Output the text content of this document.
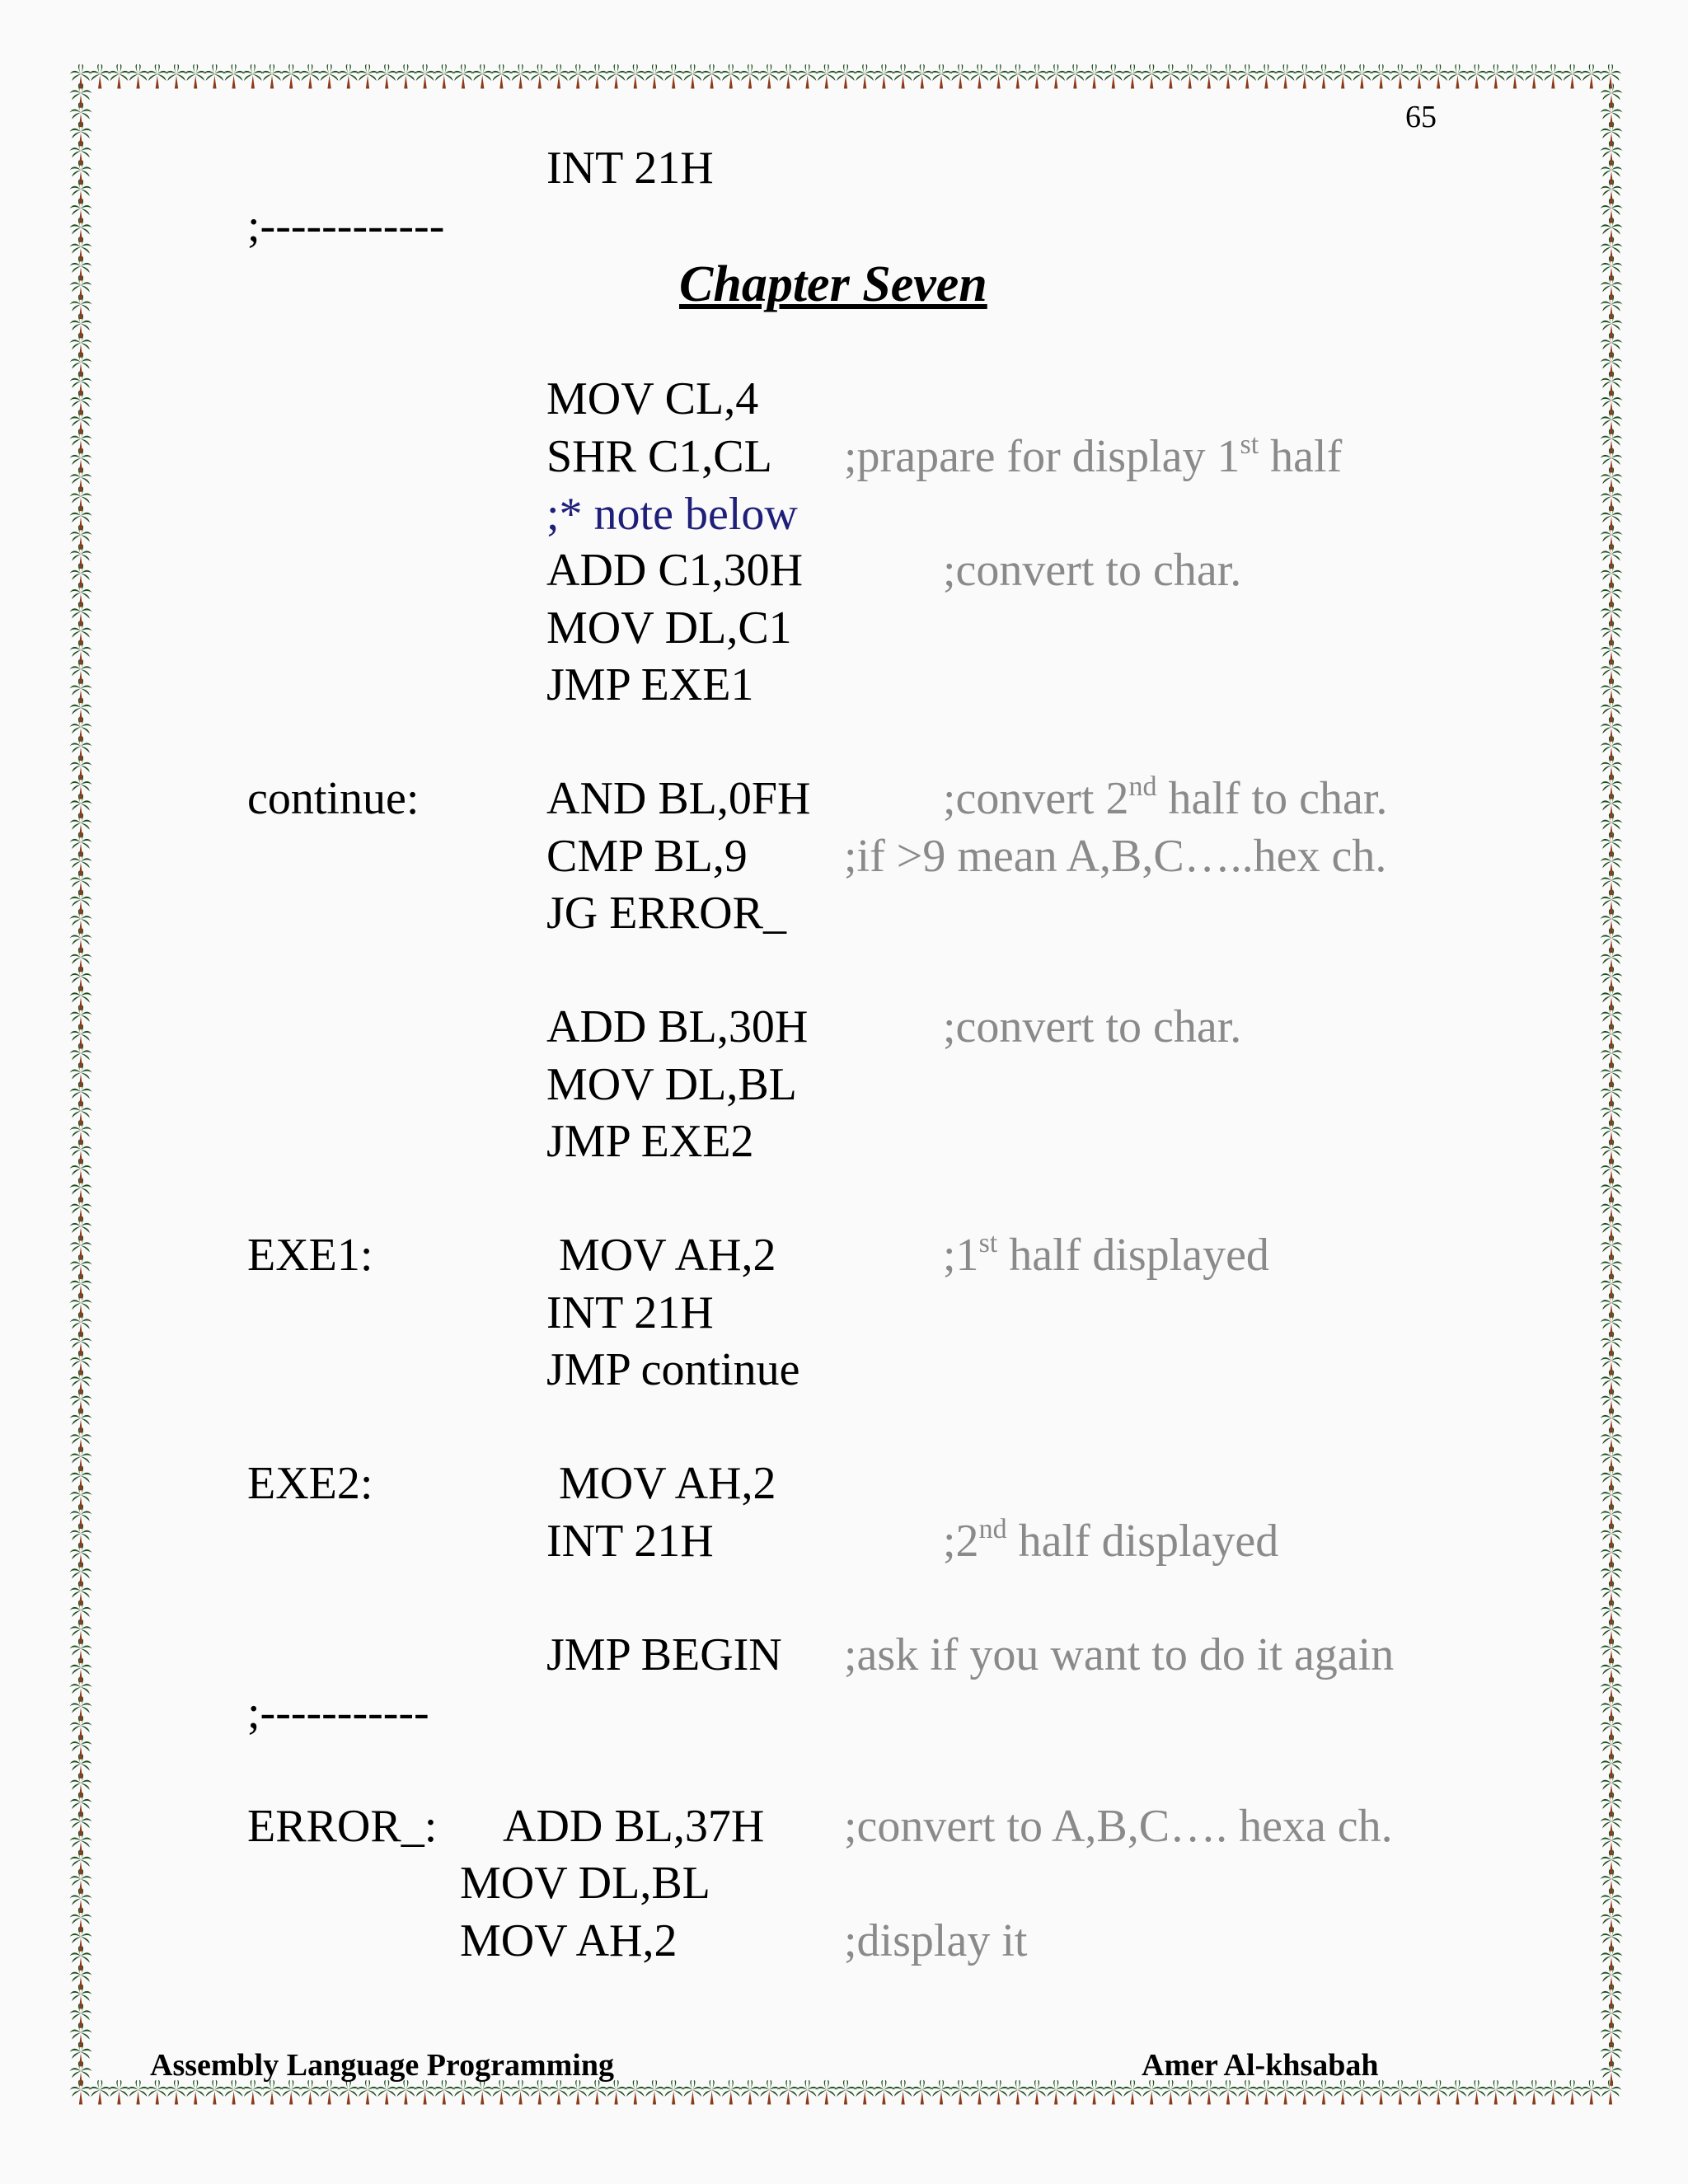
65
INT 21H
;------------
Chapter Seven
MOV CL,4
SHR C1,CL ;prapare for display 1st half
;* note below
ADD C1,30H	;convert to char.
MOV DL,C1
JMP EXE1
continue:	AND BL,0FH	;convert 2nd half to char.
CMP BL,9 ;if >9 mean A,B,C…..hex ch.
JG ERROR_
ADD BL,30H	;convert to char.
MOV DL,BL
JMP EXE2
EXE1:	MOV AH,2	;1st half displayed
INT 21H
JMP continue
EXE2:	MOV AH,2
INT 21H	;2nd half displayed
JMP BEGIN ;ask if you want to do it again
;-----------
ERROR_: ADD BL,37H ;convert to A,B,C…. hexa ch.
MOV DL,BL
MOV AH,2	;display it
Assembly Language Programming	Amer Al-khsabah
